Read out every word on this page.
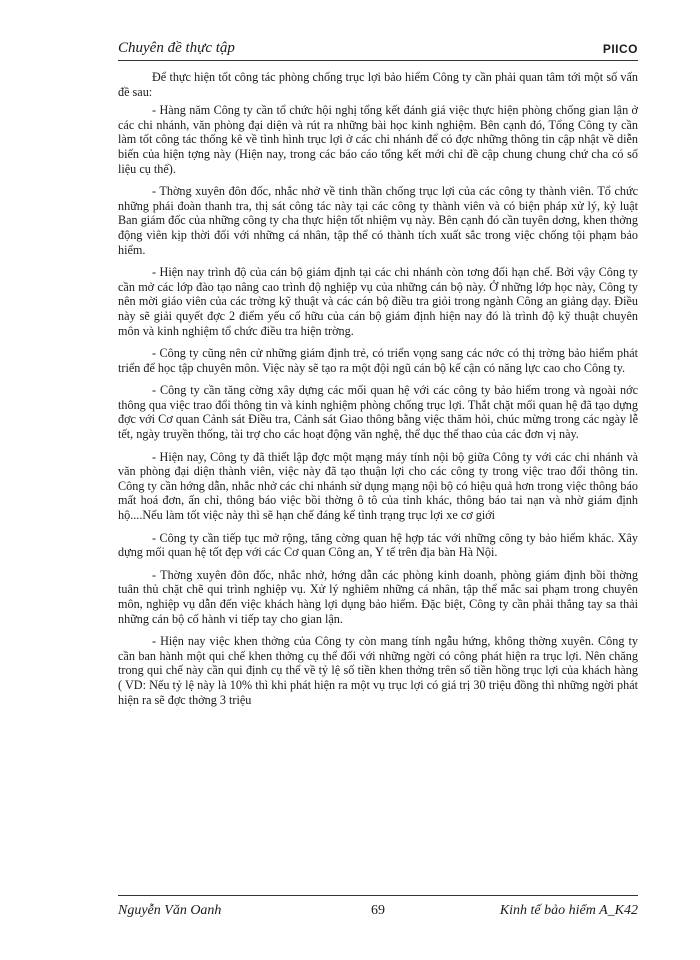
Chuyên đề thực tập	PIICO

Để thực hiện tốt công tác phòng chống trục lợi bảo hiểm Công ty cần phải quan tâm tới một số vấn đề sau:

- Hàng năm Công ty cần tổ chức hội nghị tổng kết đánh giá việc thực hiện phòng chống gian lận ở các chi nhánh, văn phòng đại diện và rút ra những bài học kinh nghiệm. Bên cạnh đó, Tổng Công ty cần làm tốt công tác thống kê về tình hình trục lợi ở các chi nhánh để có đợc những thông tin cập nhật về diễn biến của hiện tợng này (Hiện nay, trong các báo cáo tổng kết mới chỉ đề cập chung chung chứ cha có số liệu cụ thể).

- Thờng xuyên đôn đốc, nhắc nhở về tinh thần chống trục lợi của các công ty thành viên. Tổ chức những phái đoàn thanh tra, thị sát công tác này tại các công ty thành viên và có biện pháp xử lý, kỷ luật Ban giám đốc của những công ty cha thực hiện tốt nhiệm vụ này. Bên cạnh đó cần tuyên dơng, khen thởng động viên kịp thời đối với những cá nhân, tập thể có thành tích xuất sắc trong việc chống tội phạm bảo hiểm.

- Hiện nay trình độ của cán bộ giám định tại các chi nhánh còn tơng đối hạn chế. Bởi vậy Công ty cần mở các lớp đào tạo nâng cao trình độ nghiệp vụ của những cán bộ này. Ở những lớp học này, Công ty nên mời giáo viên của các trờng kỹ thuật và các cán bộ điều tra giỏi trong ngành Công an giảng dạy. Điều này sẽ giải quyết đợc 2 điểm yếu cố hữu của cán bộ giám định hiện nay đó là trình độ kỹ thuật chuyên môn và kinh nghiệm tổ chức điều tra hiện trờng.

- Công ty cũng nên cử những giám định trẻ, có triển vọng sang các nớc có thị trờng bảo hiểm phát triển để học tập chuyên môn. Việc này sẽ tạo ra một đội ngũ cán bộ kế cận có năng lực cao cho Công ty.

- Công ty cần tăng cờng xây dựng các mối quan hệ với các công ty bảo hiểm trong và ngoài nớc thông qua việc trao đổi thông tin và kinh nghiệm phòng chống trục lợi. Thắt chặt mối quan hệ đã tạo dựng đợc với Cơ quan Cảnh sát Điều tra, Cảnh sát Giao thông bằng việc thăm hỏi, chúc mừng trong các ngày lễ tết, ngày truyền thống, tài trợ cho các hoạt động văn nghệ, thể dục thể thao của các đơn vị này.

- Hiện nay, Công ty đã thiết lập đợc một mạng máy tính nội bộ giữa Công ty với các chi nhánh và văn phòng đại diện thành viên, việc này đã tạo thuận lợi cho các công ty trong việc trao đổi thông tin. Công ty cần hớng dẫn, nhắc nhở các chi nhánh sử dụng mạng nội bộ có hiệu quả hơn trong việc thông báo mất hoá đơn, ấn chỉ, thông báo việc bồi thờng ô tô của tỉnh khác, thông báo tai nạn và nhờ giám định hộ....Nếu làm tốt việc này thì sẽ hạn chế đáng kể tình trạng trục lợi xe cơ giới

- Công ty cần tiếp tục mở rộng, tăng cờng quan hệ hợp tác với những công ty bảo hiểm khác. Xây dựng mối quan hệ tốt đẹp với các Cơ quan Công an, Y tế trên địa bàn Hà Nội.

- Thờng xuyên đôn đốc, nhắc nhở, hớng dẫn các phòng kinh doanh, phòng giám định bồi thờng tuân thủ chặt chẽ qui trình nghiệp vụ. Xử lý nghiêm những cá nhân, tập thể mắc sai phạm trong chuyên môn, nghiệp vụ dẫn đến việc khách hàng lợi dụng bảo hiểm. Đặc biệt, Công ty cần phải thẳng tay sa thải những cán bộ cố hành vi tiếp tay cho gian lận.

- Hiện nay việc khen thởng của Công ty còn mang tính ngẫu hứng, không thờng xuyên. Công ty cần ban hành một qui chế khen thởng cụ thể đối với những ngời có công phát hiện ra trục lợi. Nên chăng trong qui chế này cần qui định cụ thể về tỷ lệ số tiền khen thởng trên số tiền hồng trục lợi của khách hàng ( VD: Nếu tỷ lệ này là 10% thì khi phát hiện ra một vụ trục lợi có giá trị 30 triệu đồng thì những ngời phát hiện ra sẽ đợc thởng 3 triệu

Nguyễn Văn Oanh	69	Kinh tế bảo hiểm A_K42
